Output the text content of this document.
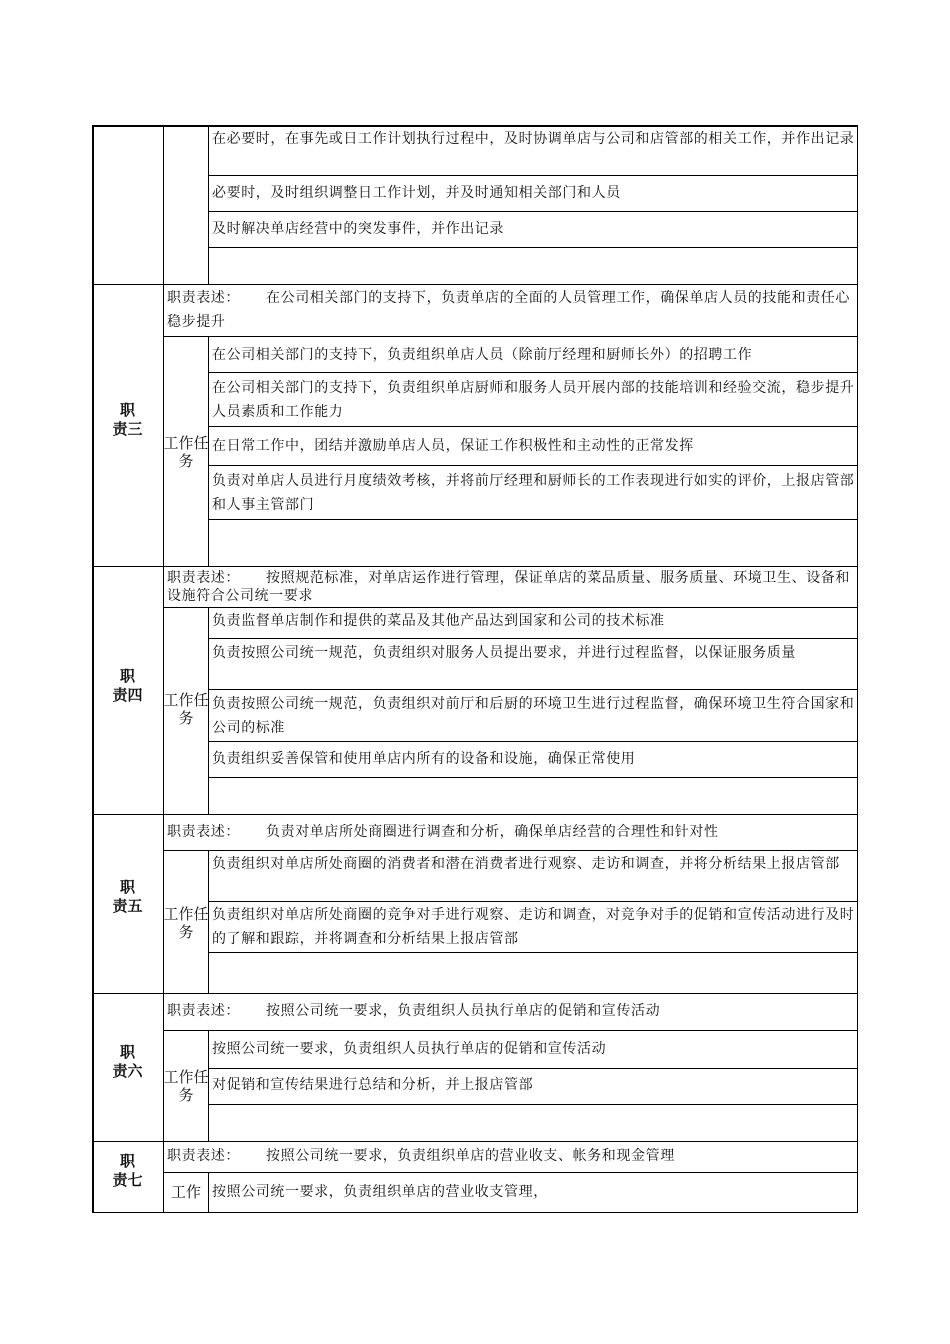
在必要时，在事先或日工作计划执行过程中，及时协调单店与公司和店管部的相关工作，并作出记录
必要时，及时组织调整日工作计划，并及时通知相关部门和人员
及时解决单店经营中的突发事件，并作出记录
职
责三
职责表述： 在公司相关部门的支持下，负责单店的全面的人员管理工作，确保单店人员的技能和责任心稳步提升
工作任务
在公司相关部门的支持下，负责组织单店人员（除前厅经理和厨师长外）的招聘工作
在公司相关部门的支持下，负责组织单店厨师和服务人员开展内部的技能培训和经验交流，稳步提升人员素质和工作能力
在日常工作中，团结并激励单店人员，保证工作积极性和主动性的正常发挥
负责对单店人员进行月度绩效考核，并将前厅经理和厨师长的工作表现进行如实的评价，上报店管部和人事主管部门
职
责四
职责表述： 按照规范标准，对单店运作进行管理，保证单店的菜品质量、服务质量、环境卫生、设备和设施符合公司统一要求
工作任务
负责监督单店制作和提供的菜品及其他产品达到国家和公司的技术标准
负责按照公司统一规范，负责组织对服务人员提出要求，并进行过程监督，以保证服务质量
负责按照公司统一规范，负责组织对前厅和后厨的环境卫生进行过程监督，确保环境卫生符合国家和公司的标准
负责组织妥善保管和使用单店内所有的设备和设施，确保正常使用
职
责五
职责表述： 负责对单店所处商圈进行调查和分析，确保单店经营的合理性和针对性
工作任务
负责组织对单店所处商圈的消费者和潜在消费者进行观察、走访和调查，并将分析结果上报店管部
负责组织对单店所处商圈的竞争对手进行观察、走访和调查，对竞争对手的促销和宣传活动进行及时的了解和跟踪，并将调查和分析结果上报店管部
职
责六
职责表述： 按照公司统一要求，负责组织人员执行单店的促销和宣传活动
工作任务
按照公司统一要求，负责组织人员执行单店的促销和宣传活动
对促销和宣传结果进行总结和分析，并上报店管部
职
责七
职责表述： 按照公司统一要求，负责组织单店的营业收支、帐务和现金管理
工作 按照公司统一要求，负责组织单店的营业收支管理，
